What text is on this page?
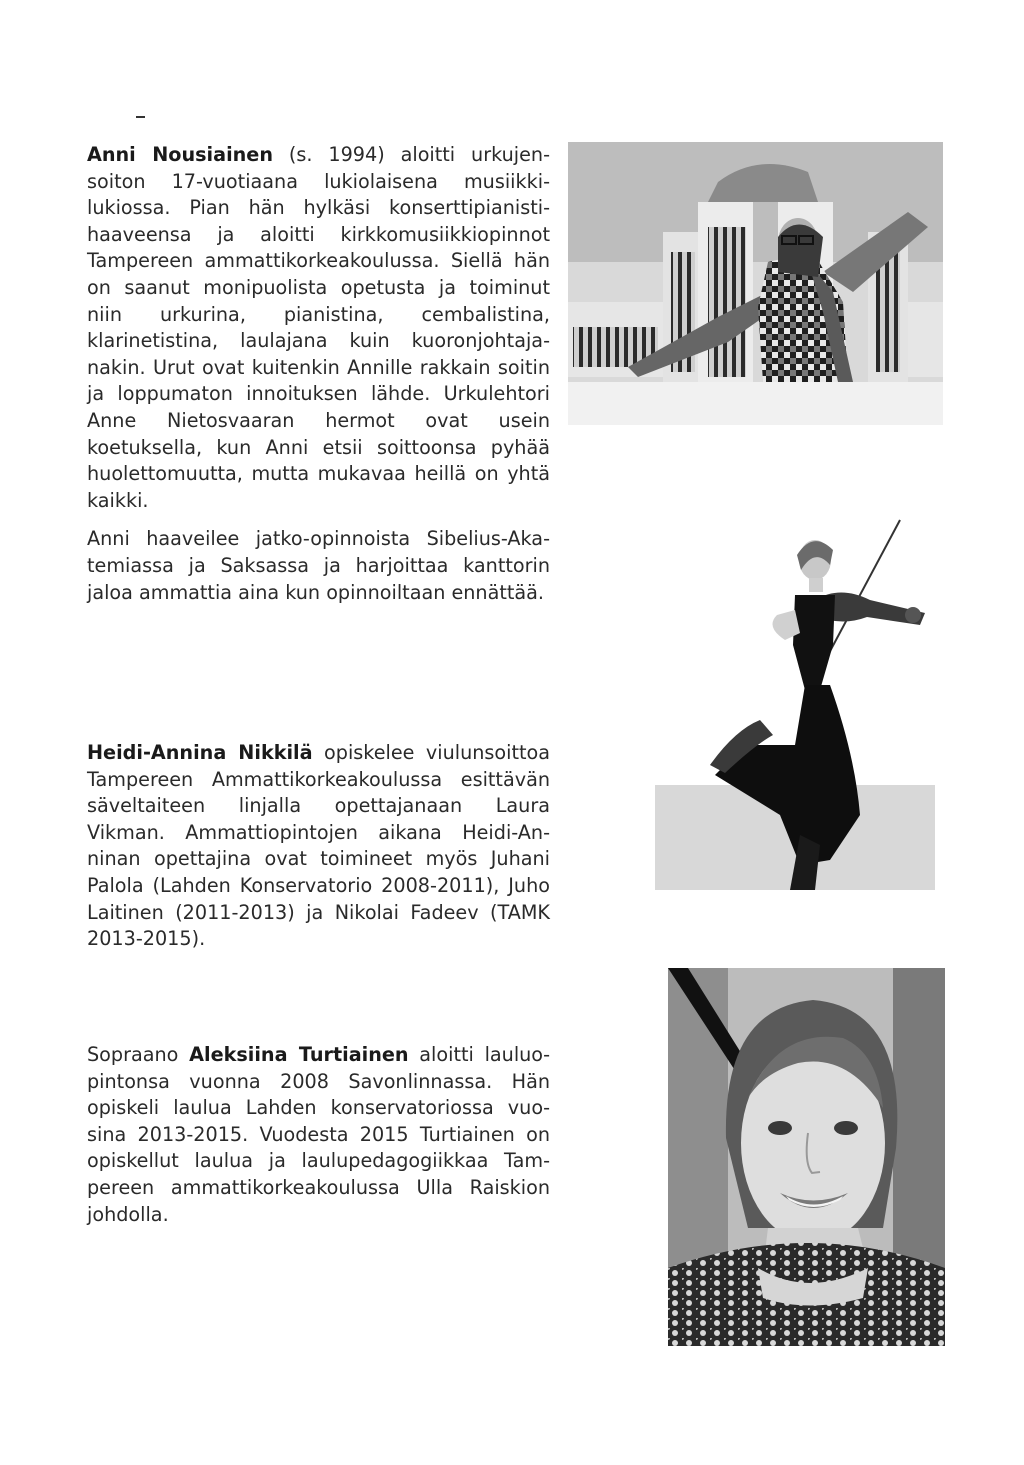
Anni Nousiainen (s. 1994) aloitti urkujensoiton 17-vuotiaana lukiolaisena musiikkilukiossa. Pian hän hylkäsi konserttipianistihaaveensa ja aloitti kirkkomusiikkiopinnot Tampereen ammattikorkeakoulussa. Siellä hän on saanut monipuolista opetusta ja toiminut niin urkurina, pianistina, cembalistina, klarinetistina, laulajana kuin kuoronjohtajanakin. Urut ovat kuitenkin Annille rakkain soitin ja loppumaton innoituksen lähde. Urkulehtori Anne Nietosvaaran hermot ovat usein koetuksella, kun Anni etsii soittoonsa pyhää huolettomuutta, mutta mukavaa heillä on yhtä kaikki.

Anni haaveilee jatko-opinnoista Sibelius-Akatemiassa ja Saksassa ja harjoittaa kanttorin jaloa ammattia aina kun opinnoiltaan ennättää.

Heidi-Annina Nikkilä opiskelee viulunsoittoa Tampereen Ammattikorkeakoulussa esittävän säveltaiteen linjalla opettajanaan Laura Vikman. Ammattiopintojen aikana Heidi-Anninan opettajina ovat toimineet myös Juhani Palola (Lahden Konservatorio 2008-2011), Juho Laitinen (2011-2013) ja Nikolai Fadeev (TAMK 2013-2015).

Sopraano Aleksiina Turtiainen aloitti lauluopintonsa vuonna 2008 Savonlinnassa. Hän opiskeli laulua Lahden konservatoriossa vuosina 2013-2015. Vuodesta 2015 Turtiainen on opiskellut laulua ja laulupedagogiikkaa Tampereen ammattikorkeakoulussa Ulla Raiskion johdolla.
